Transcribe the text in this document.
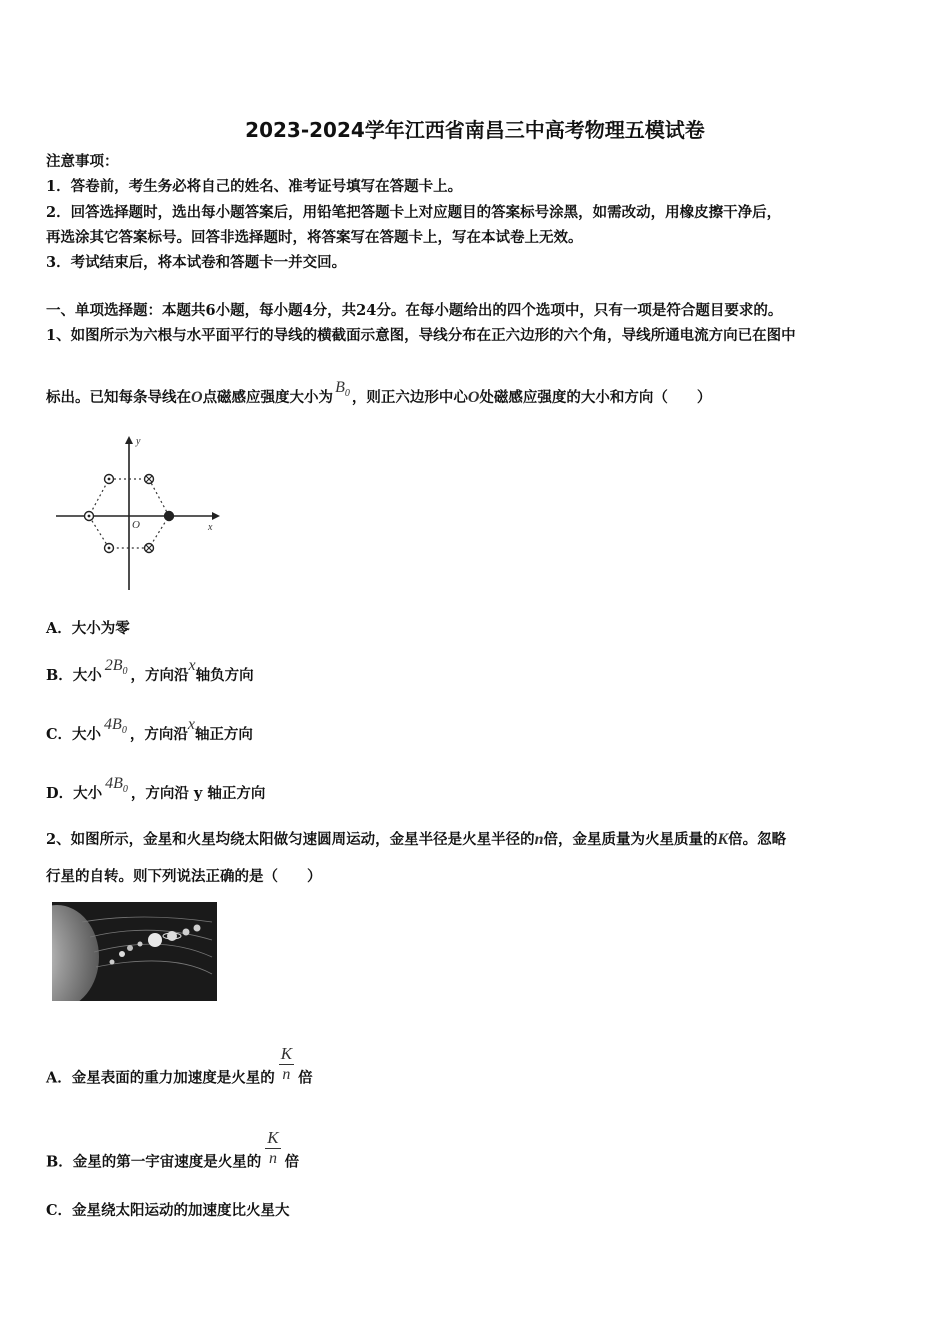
2023-2024学年江西省南昌三中高考物理五模试卷
注意事项：
1．答卷前，考生务必将自己的姓名、准考证号填写在答题卡上。
2．回答选择题时，选出每小题答案后，用铅笔把答题卡上对应题目的答案标号涂黑，如需改动，用橡皮擦干净后，
再选涂其它答案标号。回答非选择题时，将答案写在答题卡上，写在本试卷上无效。
3．考试结束后，将本试卷和答题卡一并交回。
一、单项选择题：本题共6小题，每小题4分，共24分。在每小题给出的四个选项中，只有一项是符合题目要求的。
1、如图所示为六根与水平面平行的导线的横截面示意图，导线分布在正六边形的六个角，导线所通电流方向已在图中
标出。已知每条导线在O点磁感应强度大小为$B_0$ ，则正六边形中心O处磁感应强度的大小和方向（　　）
y
x
O
A．大小为零
B．大小$2B_0$ ，方向沿x轴负方向
C．大小$4B_0$ ，方向沿x轴正方向
D．大小$4B_0$ ，方向沿 y 轴正方向
2、如图所示，金星和火星均绕太阳做匀速圆周运动，金星半径是火星半径的n倍，金星质量为火星质量的K倍。忽略
行星的自转。则下列说法正确的是（　　）
A．金星表面的重力加速度是火星的 $\frac{K}{n}$ 倍
B．金星的第一宇宙速度是火星的 $\frac{K}{n}$ 倍
C．金星绕太阳运动的加速度比火星大
